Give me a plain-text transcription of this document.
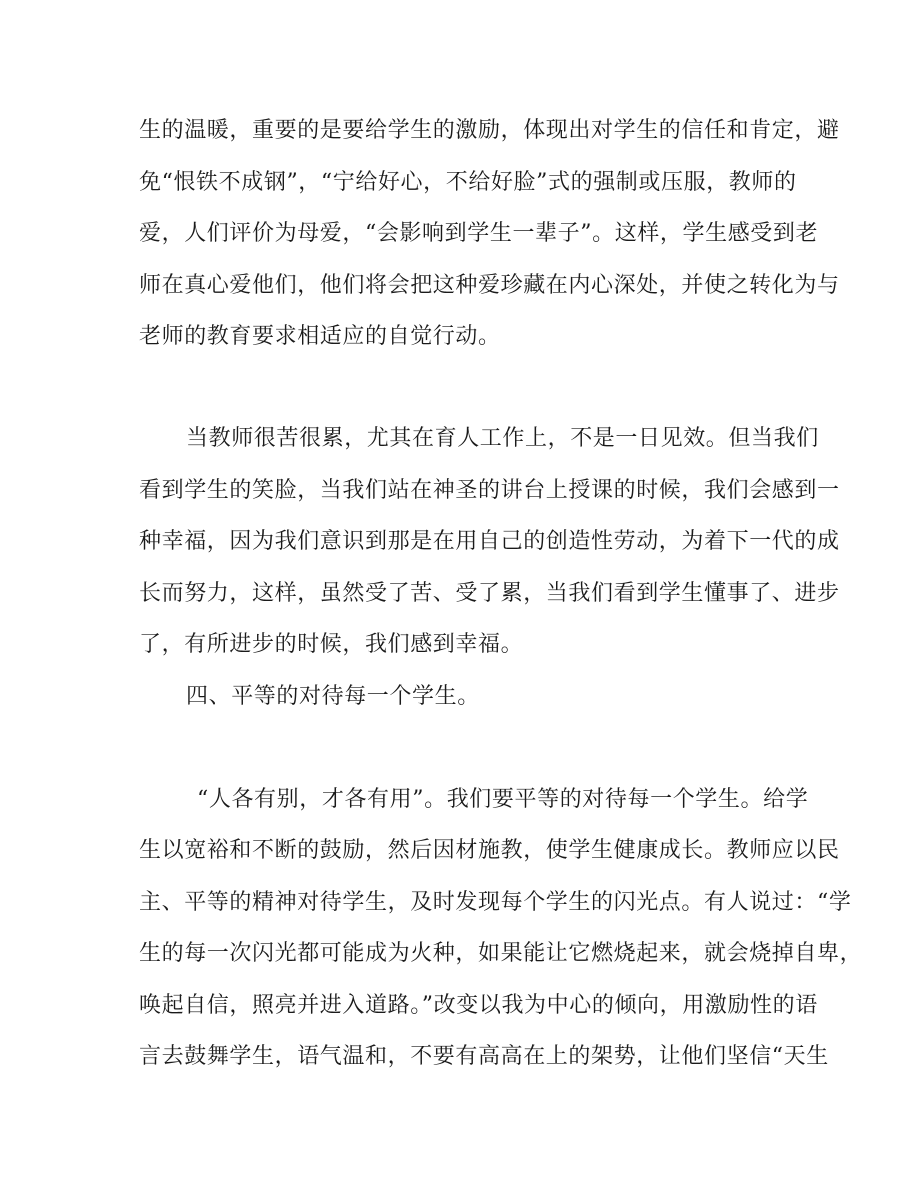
生的温暖，重要的是要给学生的激励，体现出对学生的信任和肯定，避
免“恨铁不成钢”，“宁给好心，不给好脸”式的强制或压服，教师的
爱，人们评价为母爱，“会影响到学生一辈子”。这样，学生感受到老
师在真心爱他们，他们将会把这种爱珍藏在内心深处，并使之转化为与
老师的教育要求相适应的自觉行动。
当教师很苦很累，尤其在育人工作上，不是一日见效。但当我们
看到学生的笑脸，当我们站在神圣的讲台上授课的时候，我们会感到一
种幸福，因为我们意识到那是在用自己的创造性劳动，为着下一代的成
长而努力，这样，虽然受了苦、受了累，当我们看到学生懂事了、进步
了，有所进步的时候，我们感到幸福。
四、平等的对待每一个学生。
“人各有别，才各有用”。我们要平等的对待每一个学生。给学
生以宽裕和不断的鼓励，然后因材施教，使学生健康成长。教师应以民
主、平等的精神对待学生，及时发现每个学生的闪光点。有人说过：“学
生的每一次闪光都可能成为火种，如果能让它燃烧起来，就会烧掉自卑，
唤起自信，照亮并进入道路。”改变以我为中心的倾向，用激励性的语
言去鼓舞学生，语气温和，不要有高高在上的架势，让他们坚信“天生
